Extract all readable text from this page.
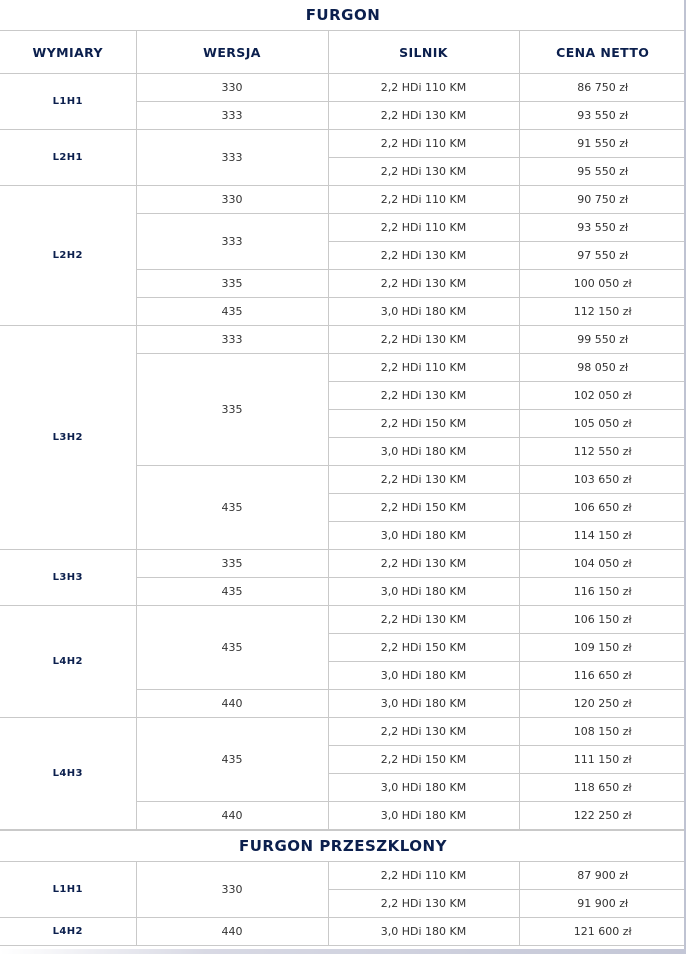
FURGON
WYMIARY	WERSJA	SILNIK	CENA NETTO
L1H1	330	2,2 HDi 110 KM	86 750 zł
	333	2,2 HDi 130 KM	93 550 zł
L2H1	333	2,2 HDi 110 KM	91 550 zł
		2,2 HDi 130 KM	95 550 zł
L2H2	330	2,2 HDi 110 KM	90 750 zł
	333	2,2 HDi 110 KM	93 550 zł
		2,2 HDi 130 KM	97 550 zł
	335	2,2 HDi 130 KM	100 050 zł
	435	3,0 HDi 180 KM	112 150 zł
L3H2	333	2,2 HDi 130 KM	99 550 zł
	335	2,2 HDi 110 KM	98 050 zł
		2,2 HDi 130 KM	102 050 zł
		2,2 HDi 150 KM	105 050 zł
		3,0 HDi 180 KM	112 550 zł
	435	2,2 HDi 130 KM	103 650 zł
		2,2 HDi 150 KM	106 650 zł
		3,0 HDi 180 KM	114 150 zł
L3H3	335	2,2 HDi 130 KM	104 050 zł
	435	3,0 HDi 180 KM	116 150 zł
L4H2	435	2,2 HDi 130 KM	106 150 zł
		2,2 HDi 150 KM	109 150 zł
		3,0 HDi 180 KM	116 650 zł
	440	3,0 HDi 180 KM	120 250 zł
L4H3	435	2,2 HDi 130 KM	108 150 zł
		2,2 HDi 150 KM	111 150 zł
		3,0 HDi 180 KM	118 650 zł
	440	3,0 HDi 180 KM	122 250 zł
FURGON PRZESZKLONY
L1H1	330	2,2 HDi 110 KM	87 900 zł
		2,2 HDi 130 KM	91 900 zł
L4H2	440	3,0 HDi 180 KM	121 600 zł
